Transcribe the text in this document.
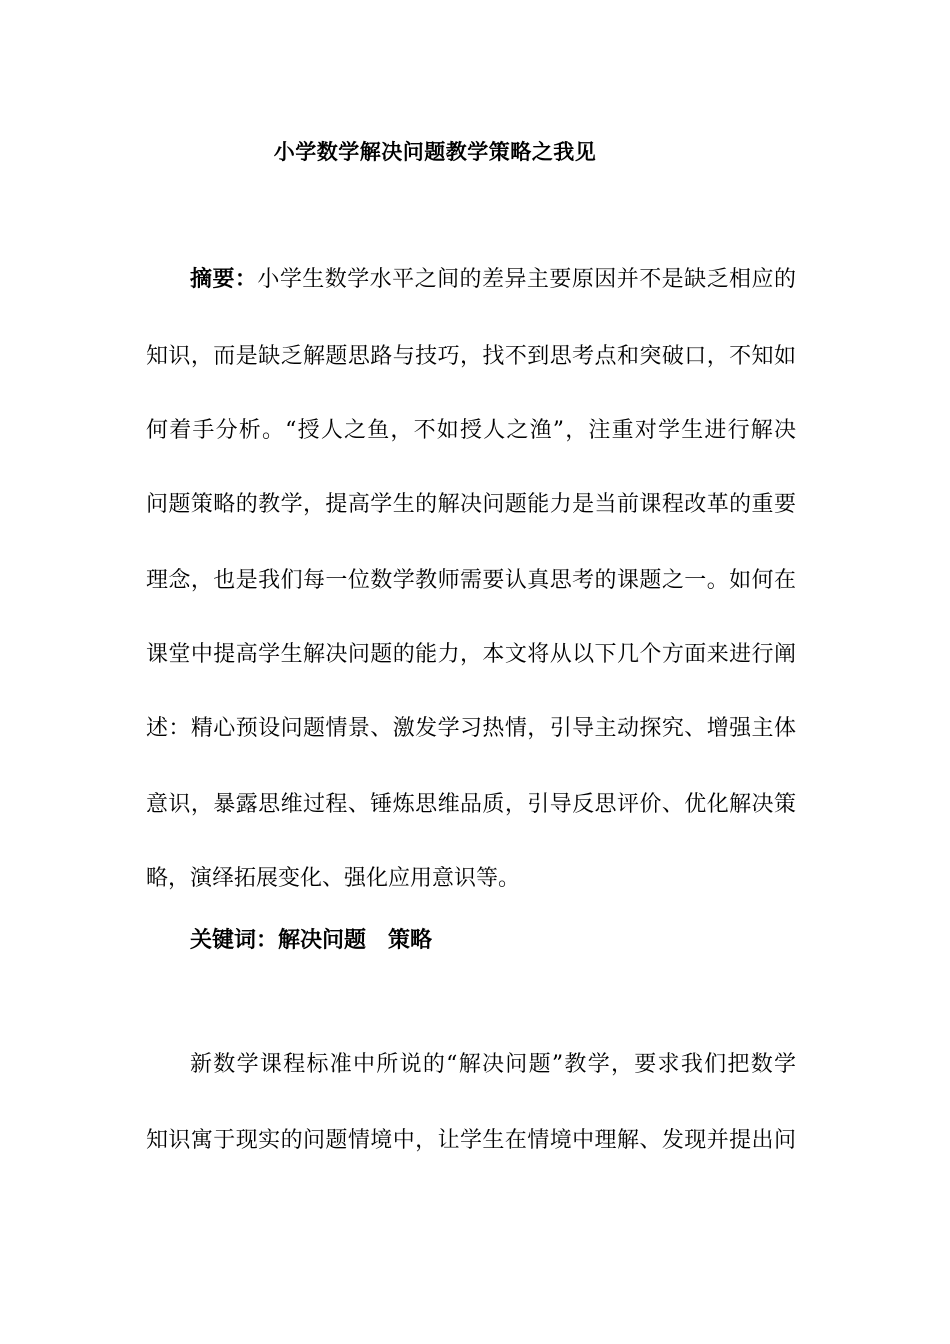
小学数学解决问题教学策略之我见
摘要：小学生数学水平之间的差异主要原因并不是缺乏相应的
知识，而是缺乏解题思路与技巧，找不到思考点和突破口，不知如
何着手分析。“授人之鱼，不如授人之渔”，注重对学生进行解决
问题策略的教学，提高学生的解决问题能力是当前课程改革的重要
理念，也是我们每一位数学教师需要认真思考的课题之一。如何在
课堂中提高学生解决问题的能力，本文将从以下几个方面来进行阐
述：精心预设问题情景、激发学习热情，引导主动探究、增强主体
意识，暴露思维过程、锤炼思维品质，引导反思评价、优化解决策
略，演绎拓展变化、强化应用意识等。
关键词：解决问题　策略
新数学课程标准中所说的“解决问题”教学，要求我们把数学
知识寓于现实的问题情境中，让学生在情境中理解、发现并提出问
